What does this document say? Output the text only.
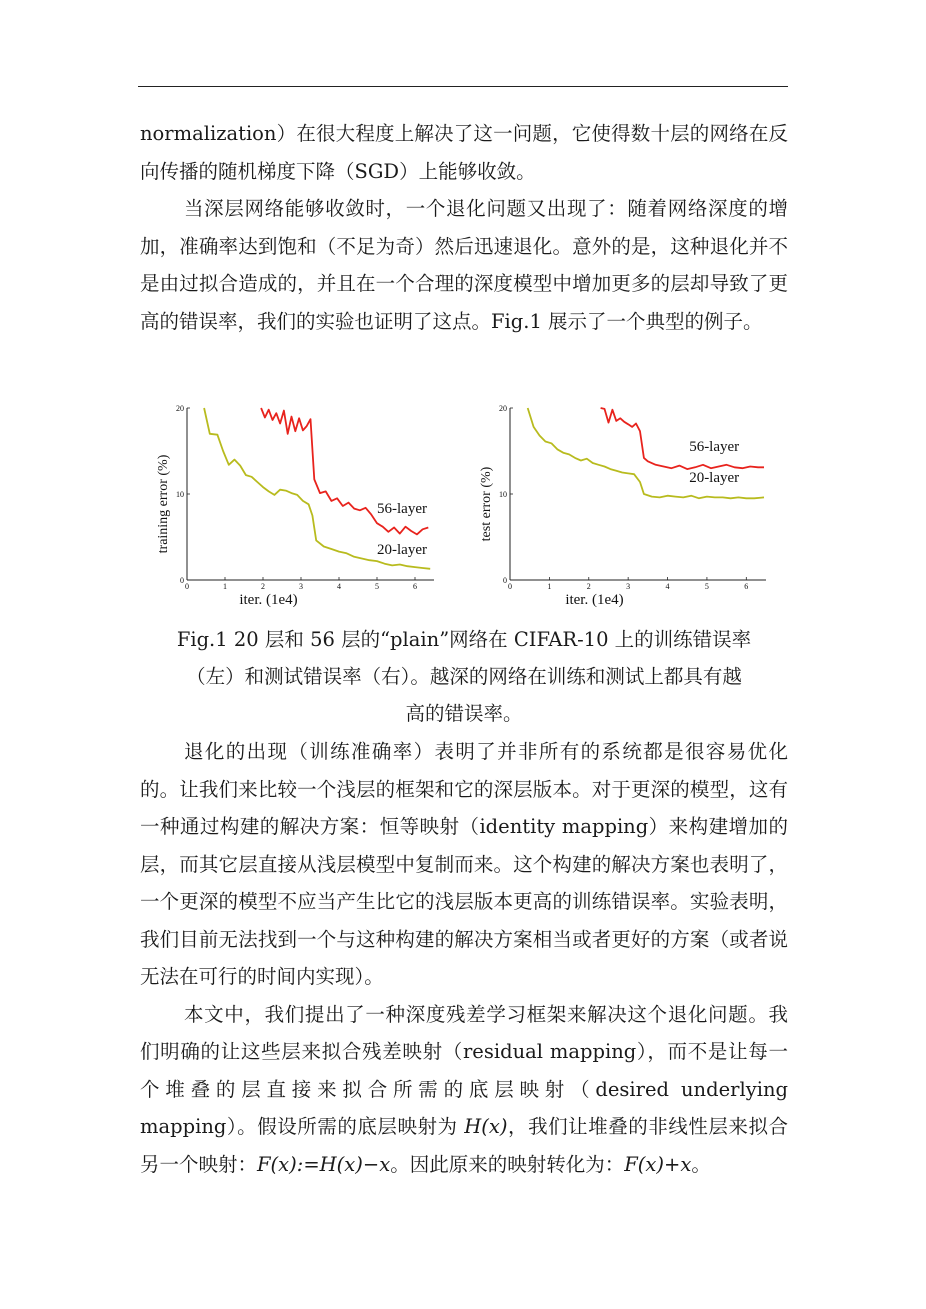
normalization）在很大程度上解决了这一问题，它使得数十层的网络在反向传播的随机梯度下降（SGD）上能够收敛。

当深层网络能够收敛时，一个退化问题又出现了：随着网络深度的增加，准确率达到饱和（不足为奇）然后迅速退化。意外的是，这种退化并不是由过拟合造成的，并且在一个合理的深度模型中增加更多的层却导致了更高的错误率，我们的实验也证明了这点。Fig.1 展示了一个典型的例子。

0	1	2	3	4	5	6
0
10
20
iter. (1e4)
training error (%)	56-layer
20-layer
0	1	2	3	4	5	6
0
10
20
iter. (1e4)
test error (%)
56-layer
20-layer
Fig.1 20 层和 56 层的“plain”网络在 CIFAR-10 上的训练错误率
（左）和测试错误率（右）。越深的网络在训练和测试上都具有越
高的错误率。

退化的出现（训练准确率）表明了并非所有的系统都是很容易优化的。让我们来比较一个浅层的框架和它的深层版本。对于更深的模型，这有一种通过构建的解决方案：恒等映射（identity mapping）来构建增加的层，而其它层直接从浅层模型中复制而来。这个构建的解决方案也表明了，一个更深的模型不应当产生比它的浅层版本更高的训练错误率。实验表明，我们目前无法找到一个与这种构建的解决方案相当或者更好的方案（或者说无法在可行的时间内实现）。

本文中，我们提出了一种深度残差学习框架来解决这个退化问题。我们明确的让这些层来拟合残差映射（residual mapping），而不是让每一个堆叠的层直接来拟合所需的底层映射（desired underlying mapping）。假设所需的底层映射为 H(x)，我们让堆叠的非线性层来拟合另一个映射：F(x):=H(x)−x。因此原来的映射转化为：F(x)+x。
